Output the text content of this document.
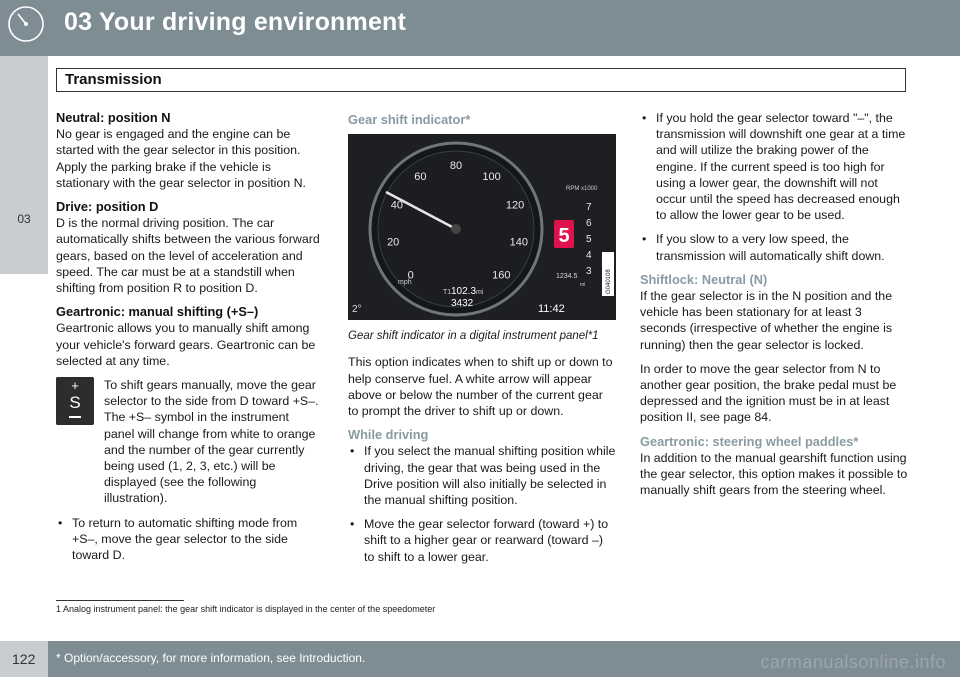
03 Your driving environment
03
Transmission
Neutral: position N

No gear is engaged and the engine can be started with the gear selector in this position. Apply the parking brake if the vehicle is stationary with the gear selector in position N.

Drive: position D

D is the normal driving position. The car automatically shifts between the various forward gears, based on the level of acceleration and speed. The car must be at a standstill when shifting from position R to position D.

Geartronic: manual shifting (+S–)

Geartronic allows you to manually shift among your vehicle's forward gears. Geartronic can be selected at any time.

+
S

To shift gears manually, move the gear selector to the side from D toward +S–. The +S– symbol in the instrument panel will change from white to orange and the number of the gear currently being used (1, 2, 3, etc.) will be displayed (see the following illustration).

• To return to automatic shifting mode from +S–, move the gear selector to the side toward D.
Gear shift indicator*
0
20
40
60
80
100
120
140
160
mph
T1 102.3 mi
3432
2°	11:42
RPM x1000
7
6
5
4
3
5
1234.5
mi	G040108
Gear shift indicator in a digital instrument panel*1

This option indicates when to shift up or down to help conserve fuel. A white arrow will appear above or below the number of the current gear to prompt the driver to shift up or down.

While driving
• If you select the manual shifting position while driving, the gear that was being used in the Drive position will also initially be selected in the manual shifting position.
• Move the gear selector forward (toward +) to shift to a higher gear or rearward (toward –) to shift to a lower gear.
• If you hold the gear selector toward "–", the transmission will downshift one gear at a time and will utilize the braking power of the engine. If the current speed is too high for using a lower gear, the downshift will not occur until the speed has decreased enough to allow the lower gear to be used.
• If you slow to a very low speed, the transmission will automatically shift down.
Shiftlock: Neutral (N)

If the gear selector is in the N position and the vehicle has been stationary for at least 3 seconds (irrespective of whether the engine is running) then the gear selector is locked.

In order to move the gear selector from N to another gear position, the brake pedal must be depressed and the ignition must be in at least position II, see page 84.

Geartronic: steering wheel paddles*

In addition to the manual gearshift function using the gear selector, this option makes it possible to manually shift gears from the steering wheel.

1 Analog instrument panel: the gear shift indicator is displayed in the center of the speedometer
122 * Option/accessory, for more information, see Introduction.	carmanualsonline.info
